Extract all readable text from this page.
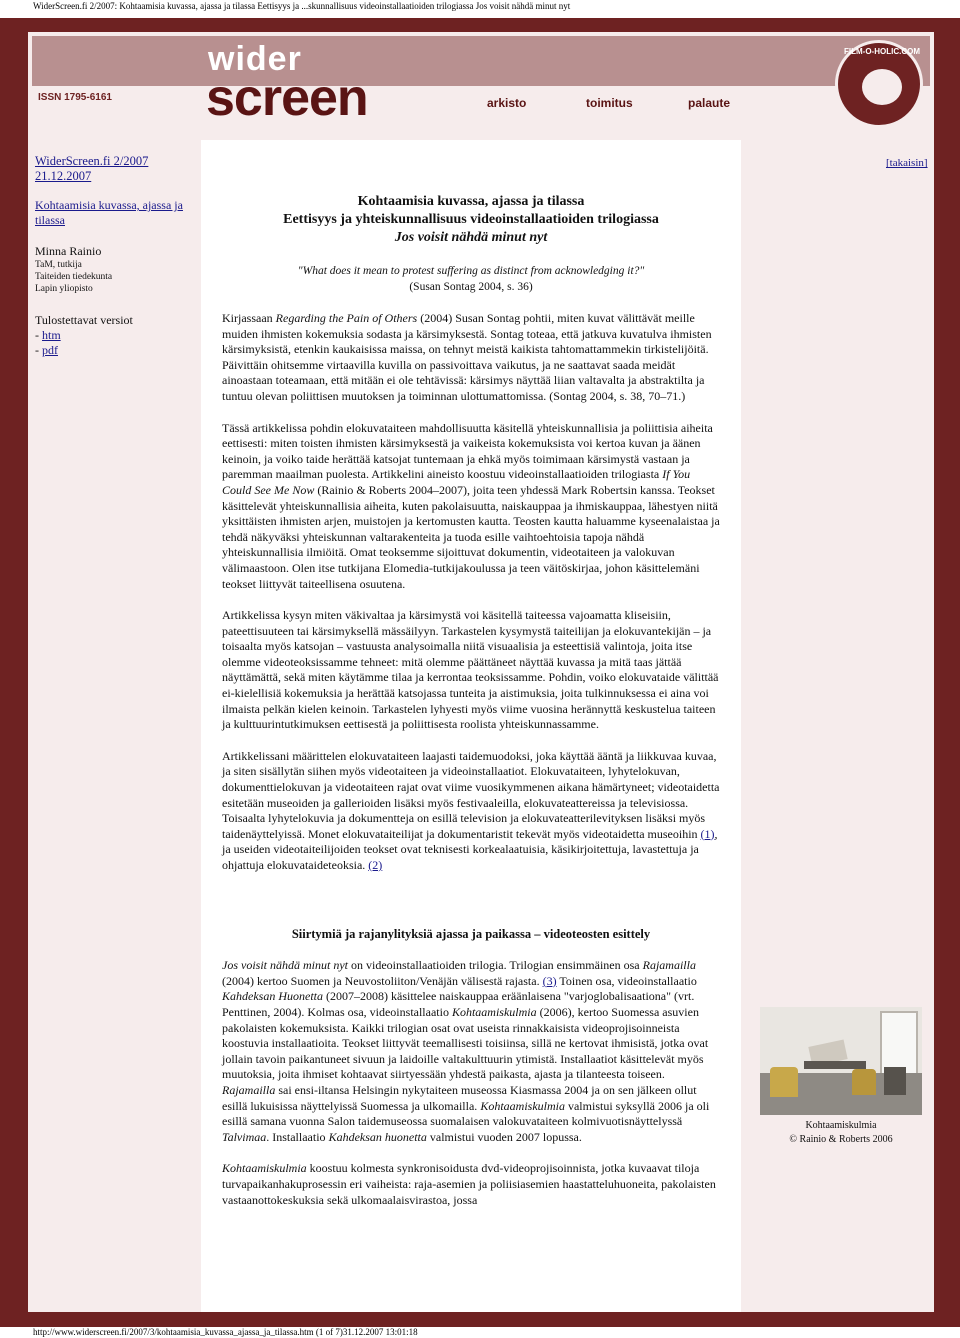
WiderScreen.fi 2/2007: Kohtaamisia kuvassa, ajassa ja tilassa Eettisyys ja ...skunnallisuus videoinstallaatioiden trilogiassa Jos voisit nähdä minut nyt
wider
screen
ISSN 1795-6161	arkisto	toimitus	palaute
FILM-O-HOLIC.COM
WiderScreen.fi 2/2007
21.12.2007
Kohtaamisia kuvassa, ajassa ja tilassa
Minna Rainio
TaM, tutkija
Taiteiden tiedekunta
Lapin yliopisto
Tulostettavat versiot
- htm
- pdf
[takaisin]
Kohtaamisia kuvassa, ajassa ja tilassa
Eettisyys ja yhteiskunnallisuus videoinstallaatioiden trilogiassa
Jos voisit nähdä minut nyt
"What does it mean to protest suffering as distinct from acknowledging it?"
(Susan Sontag 2004, s. 36)

Kirjassaan Regarding the Pain of Others (2004) Susan Sontag pohtii, miten kuvat välittävät meille muiden ihmisten kokemuksia sodasta ja kärsimyksestä. Sontag toteaa, että jatkuva kuvatulva ihmisten kärsimyksistä, etenkin kaukaisissa maissa, on tehnyt meistä kaikista tahtomattammekin tirkistelijöitä. Päivittäin ohitsemme virtaavilla kuvilla on passivoittava vaikutus, ja ne saattavat saada meidät ainoastaan toteamaan, että mitään ei ole tehtävissä: kärsimys näyttää liian valtavalta ja abstraktilta ja tuntuu olevan poliittisen muutoksen ja toiminnan ulottumattomissa. (Sontag 2004, s. 38, 70–71.)

Tässä artikkelissa pohdin elokuvataiteen mahdollisuutta käsitellä yhteiskunnallisia ja poliittisia aiheita eettisesti: miten toisten ihmisten kärsimyksestä ja vaikeista kokemuksista voi kertoa kuvan ja äänen keinoin, ja voiko taide herättää katsojat tuntemaan ja ehkä myös toimimaan kärsimystä vastaan ja paremman maailman puolesta. Artikkelini aineisto koostuu videoinstallaatioiden trilogiasta If You Could See Me Now (Rainio & Roberts 2004–2007), joita teen yhdessä Mark Robertsin kanssa. Teokset käsittelevät yhteiskunnallisia aiheita, kuten pakolaisuutta, naiskauppaa ja ihmiskauppaa, lähestyen niitä yksittäisten ihmisten arjen, muistojen ja kertomusten kautta. Teosten kautta haluamme kyseenalaistaa ja tehdä näkyväksi yhteiskunnan valtarakenteita ja tuoda esille vaihtoehtoisia tapoja nähdä yhteiskunnallisia ilmiöitä. Omat teoksemme sijoittuvat dokumentin, videotaiteen ja valokuvan välimaastoon. Olen itse tutkijana Elomedia-tutkijakoulussa ja teen väitöskirjaa, johon käsittelemäni teokset liittyvät taiteellisena osuutena.

Artikkelissa kysyn miten väkivaltaa ja kärsimystä voi käsitellä taiteessa vajoamatta kliseisiin, pateettisuuteen tai kärsimyksellä mässäilyyn. Tarkastelen kysymystä taiteilijan ja elokuvantekijän – ja toisaalta myös katsojan – vastuusta analysoimalla niitä visuaalisia ja esteettisiä valintoja, joita itse olemme videoteoksissamme tehneet: mitä olemme päättäneet näyttää kuvassa ja mitä taas jättää näyttämättä, sekä miten käytämme tilaa ja kerrontaa teoksissamme. Pohdin, voiko elokuvataide välittää ei-kielellisiä kokemuksia ja herättää katsojassa tunteita ja aistimuksia, joita tulkinnuksessa ei aina voi ilmaista pelkän kielen keinoin. Tarkastelen lyhyesti myös viime vuosina herännyttä keskustelua taiteen ja kulttuurintutkimuksen eettisestä ja poliittisesta roolista yhteiskunnassamme.

Artikkelissani määrittelen elokuvataiteen laajasti taidemuodoksi, joka käyttää ääntä ja liikkuvaa kuvaa, ja siten sisällytän siihen myös videotaiteen ja videoinstallaatiot. Elokuvataiteen, lyhytelokuvan, dokumenttielokuvan ja videotaiteen rajat ovat viime vuosikymmenen aikana hämärtyneet; videotaidetta esitetään museoiden ja gallerioiden lisäksi myös festivaaleilla, elokuvateattereissa ja televisiossa. Toisaalta lyhytelokuvia ja dokumentteja on esillä television ja elokuvateatterilevityksen lisäksi myös taidenäyttelyissä. Monet elokuvataiteilijat ja dokumentaristit tekevät myös videotaidetta museoihin (1), ja useiden videotaiteilijoiden teokset ovat teknisesti korkealaatuisia, käsikirjoitettuja, lavastettuja ja ohjattuja elokuvataideteoksia. (2)

Siirtymiä ja rajanylityksiä ajassa ja paikassa – videoteosten esittely

Jos voisit nähdä minut nyt on videoinstallaatioiden trilogia. Trilogian ensimmäinen osa Rajamailla (2004) kertoo Suomen ja Neuvostoliiton/Venäjän välisestä rajasta. (3) Toinen osa, videoinstallaatio Kahdeksan Huonetta (2007–2008) käsittelee naiskauppaa eräänlaisena "varjoglobalisaationa" (vrt. Penttinen, 2004). Kolmas osa, videoinstallaatio Kohtaamiskulmia (2006), kertoo Suomessa asuvien pakolaisten kokemuksista. Kaikki trilogian osat ovat useista rinnakkaisista videoprojisoinneista koostuvia installaatioita. Teokset liittyvät teemallisesti toisiinsa, sillä ne kertovat ihmisistä, jotka ovat jollain tavoin paikantuneet sivuun ja laidoille valtakulttuurin ytimistä. Installaatiot käsittelevät myös muutoksia, joita ihmiset kohtaavat siirtyessään yhdestä paikasta, ajasta ja tilanteesta toiseen. Rajamailla sai ensi-iltansa Helsingin nykytaiteen museossa Kiasmassa 2004 ja on sen jälkeen ollut esillä lukuisissa näyttelyissä Suomessa ja ulkomailla. Kohtaamiskulmia valmistui syksyllä 2006 ja oli esillä samana vuonna Salon taidemuseossa suomalaisen valokuvataiteen kolmivuotisnäyttelyssä Talvimaa. Installaatio Kahdeksan huonetta valmistui vuoden 2007 lopussa.

Kohtaamiskulmia koostuu kolmesta synkronisoidusta dvd-videoprojisoinnista, jotka kuvaavat tiloja turvapaikanhakuprosessin eri vaiheista: raja-asemien ja poliisiasemien haastatteluhuoneita, pakolaisten vastaanottokeskuksia sekä ulkomaalaisvirastoa, jossa

Kohtaamiskulmia
© Rainio & Roberts 2006
http://www.widerscreen.fi/2007/3/kohtaamisia_kuvassa_ajassa_ja_tilassa.htm (1 of 7)31.12.2007 13:01:18
